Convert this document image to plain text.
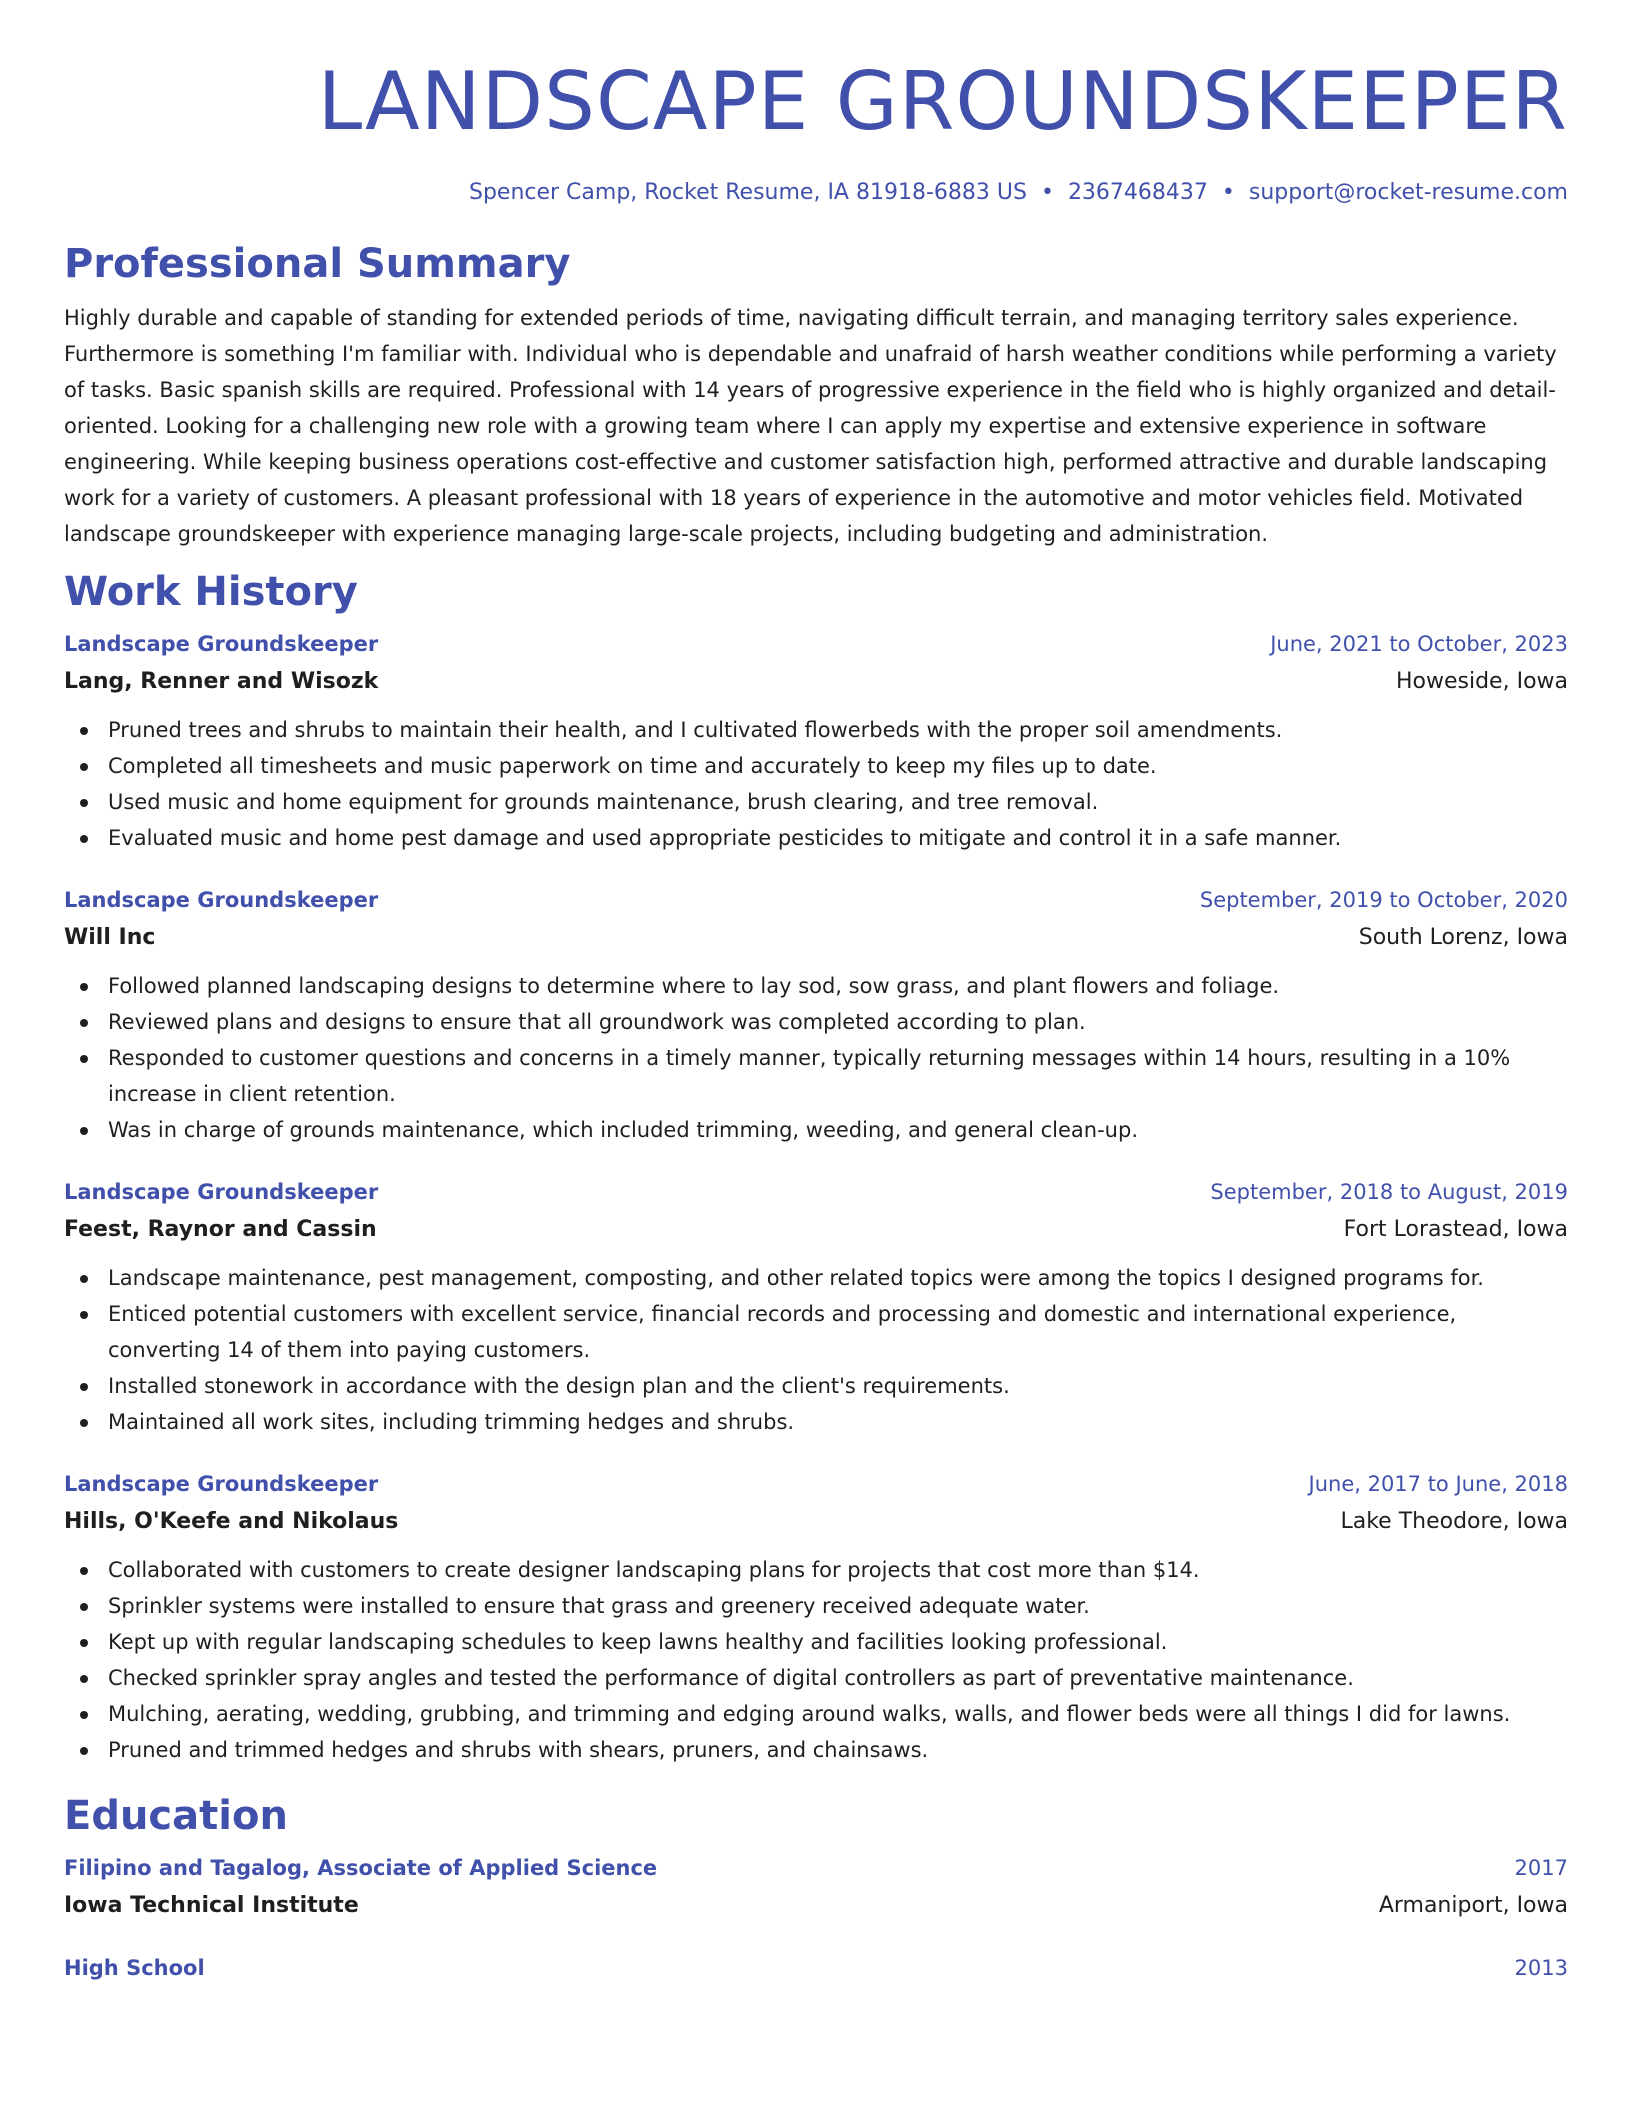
LANDSCAPE GROUNDSKEEPER
Spencer Camp, Rocket Resume, IA 81918-6883 US • 2367468437 • support@rocket-resume.com
Professional Summary

Highly durable and capable of standing for extended periods of time, navigating difficult terrain, and managing territory sales experience. Furthermore is something I'm familiar with. Individual who is dependable and unafraid of harsh weather conditions while performing a variety of tasks. Basic spanish skills are required. Professional with 14 years of progressive experience in the field who is highly organized and detail-oriented. Looking for a challenging new role with a growing team where I can apply my expertise and extensive experience in software engineering. While keeping business operations cost-effective and customer satisfaction high, performed attractive and durable landscaping work for a variety of customers. A pleasant professional with 18 years of experience in the automotive and motor vehicles field. Motivated landscape groundskeeper with experience managing large-scale projects, including budgeting and administration.

Work History
Landscape Groundskeeper	June, 2021 to October, 2023
Lang, Renner and Wisozk	Howeside, Iowa
Pruned trees and shrubs to maintain their health, and I cultivated flowerbeds with the proper soil amendments.
Completed all timesheets and music paperwork on time and accurately to keep my files up to date.
Used music and home equipment for grounds maintenance, brush clearing, and tree removal.
Evaluated music and home pest damage and used appropriate pesticides to mitigate and control it in a safe manner.
Landscape Groundskeeper	September, 2019 to October, 2020
Will Inc	South Lorenz, Iowa
Followed planned landscaping designs to determine where to lay sod, sow grass, and plant flowers and foliage.
Reviewed plans and designs to ensure that all groundwork was completed according to plan.
Responded to customer questions and concerns in a timely manner, typically returning messages within 14 hours, resulting in a 10% increase in client retention.
Was in charge of grounds maintenance, which included trimming, weeding, and general clean-up.
Landscape Groundskeeper	September, 2018 to August, 2019
Feest, Raynor and Cassin	Fort Lorastead, Iowa
Landscape maintenance, pest management, composting, and other related topics were among the topics I designed programs for.
Enticed potential customers with excellent service, financial records and processing and domestic and international experience, converting 14 of them into paying customers.
Installed stonework in accordance with the design plan and the client's requirements.
Maintained all work sites, including trimming hedges and shrubs.
Landscape Groundskeeper	June, 2017 to June, 2018
Hills, O'Keefe and Nikolaus	Lake Theodore, Iowa
Collaborated with customers to create designer landscaping plans for projects that cost more than $14.
Sprinkler systems were installed to ensure that grass and greenery received adequate water.
Kept up with regular landscaping schedules to keep lawns healthy and facilities looking professional.
Checked sprinkler spray angles and tested the performance of digital controllers as part of preventative maintenance.
Mulching, aerating, wedding, grubbing, and trimming and edging around walks, walls, and flower beds were all things I did for lawns.
Pruned and trimmed hedges and shrubs with shears, pruners, and chainsaws.
Education
Filipino and Tagalog, Associate of Applied Science	2017
Iowa Technical Institute	Armaniport, Iowa
High School	2013
